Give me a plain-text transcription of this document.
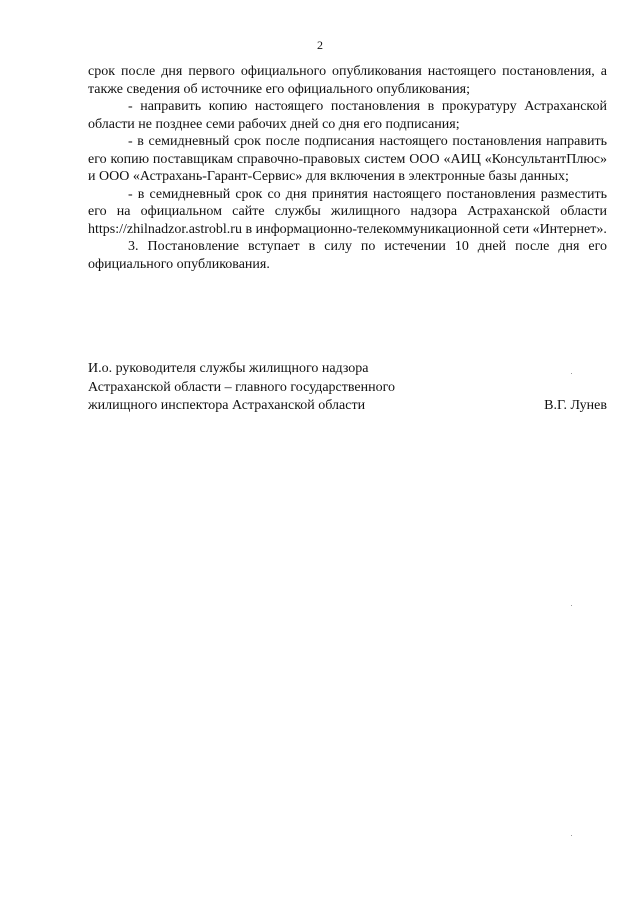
2

срок после дня первого официального опубликования настоящего постановления, а также сведения об источнике его официального опубликования;

- направить копию настоящего постановления в прокуратуру Астраханской области не позднее семи рабочих дней со дня его подписания;

- в семидневный срок после подписания настоящего постановления направить его копию поставщикам справочно-правовых систем ООО «АИЦ «КонсультантПлюс» и ООО «Астрахань-Гарант-Сервис» для включения в электронные базы данных;

- в семидневный срок со дня принятия настоящего постановления разместить его на официальном сайте службы жилищного надзора Астраханской области https://zhilnadzor.astrobl.ru в информационно-телекоммуникационной сети «Интернет».

3. Постановление вступает в силу по истечении 10 дней после дня его официального опубликования.

И.о. руководителя службы жилищного надзора
Астраханской области – главного государственного
жилищного инспектора Астраханской области	В.Г. Лунев
